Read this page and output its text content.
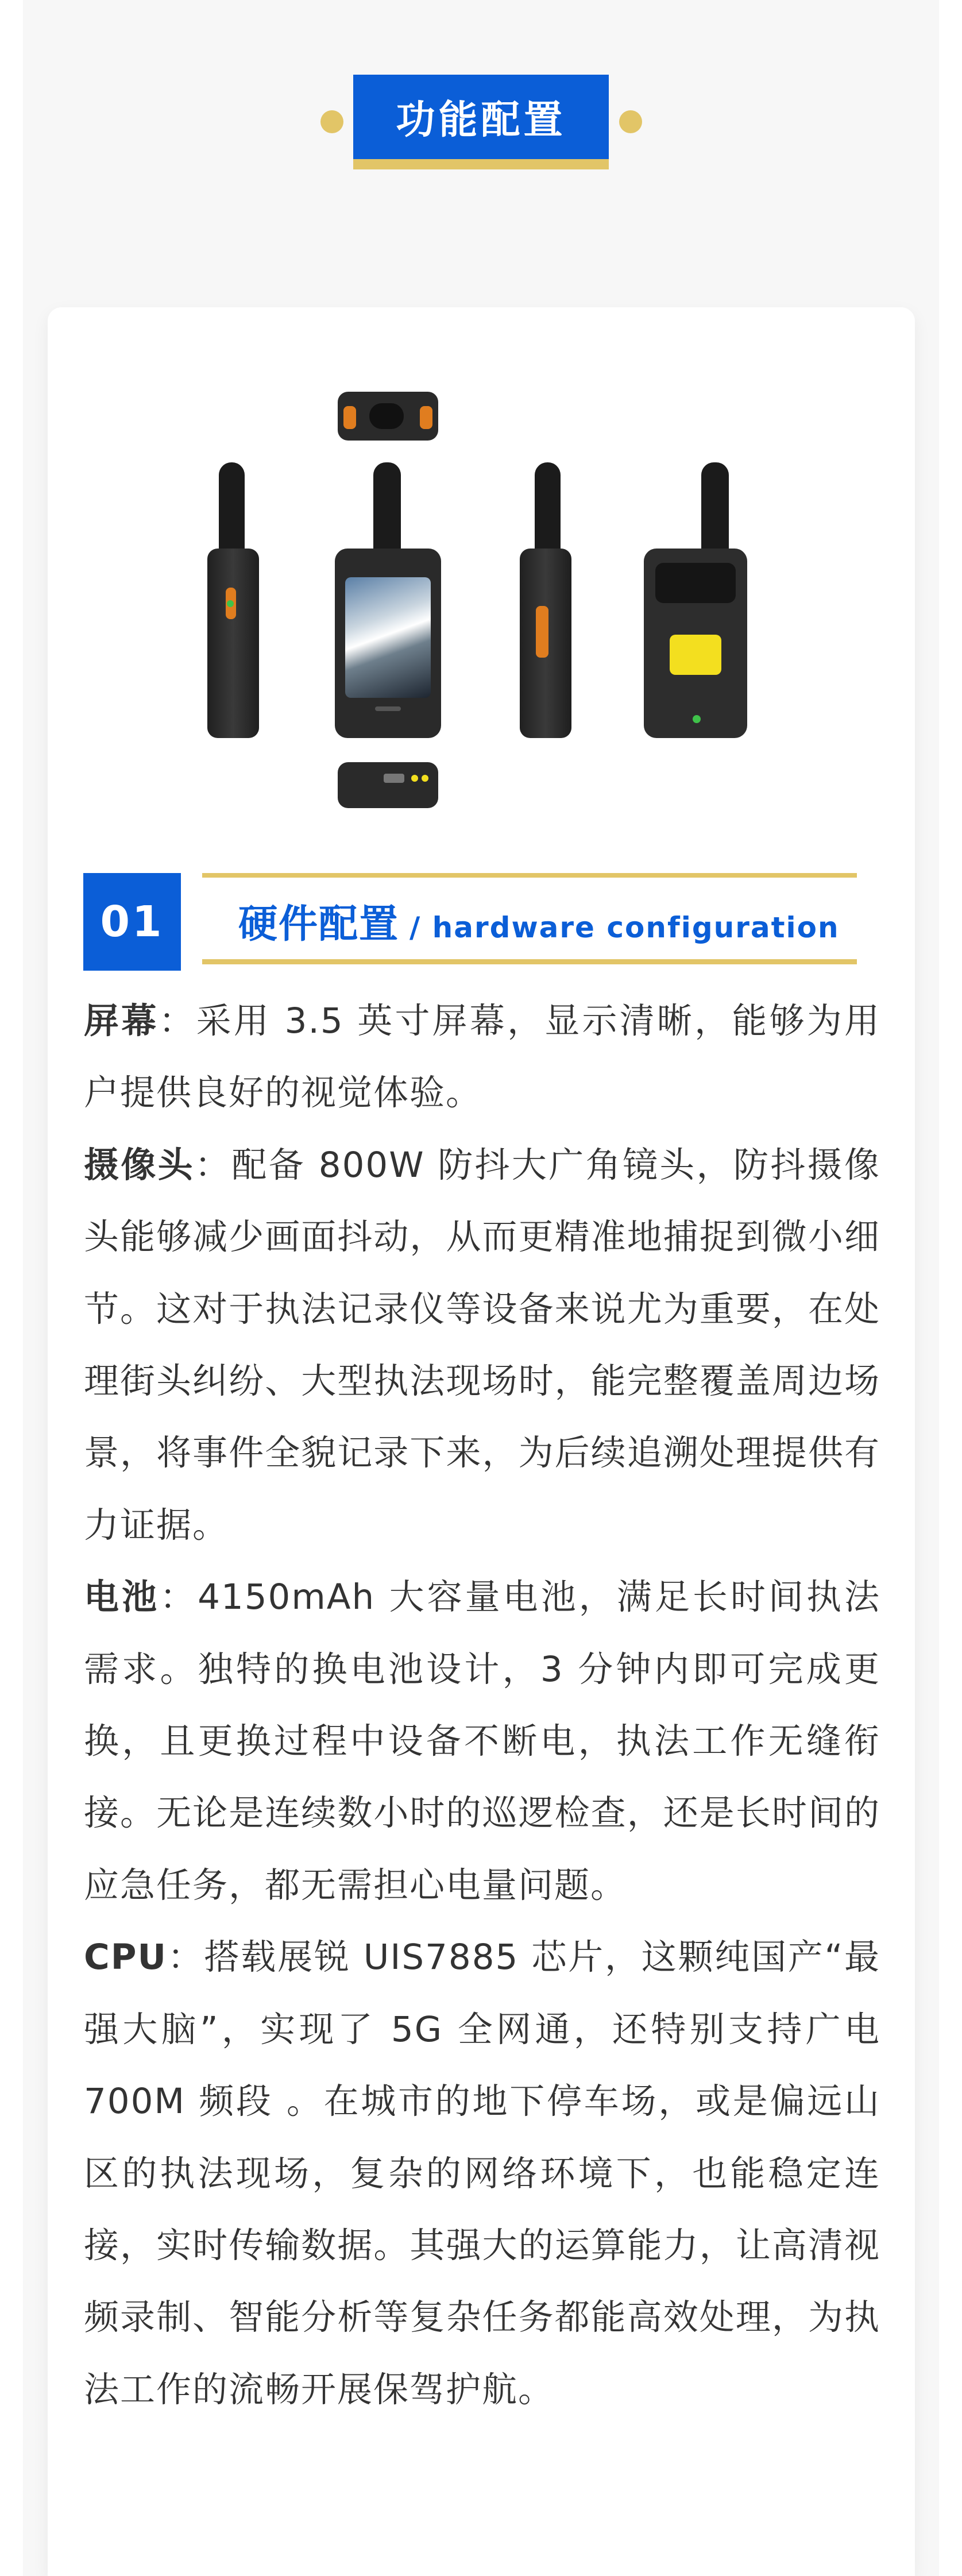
功能配置
01	硬件配置 / hardware configuration

屏幕：采用 3.5 英寸屏幕，显示清晰，能够为用户提供良好的视觉体验。

摄像头：配备 800W 防抖大广角镜头，防抖摄像头能够减少画面抖动，从而更精准地捕捉到微小细节。这对于执法记录仪等设备来说尤为重要，在处理街头纠纷、大型执法现场时，能完整覆盖周边场景，将事件全貌记录下来，为后续追溯处理提供有力证据。

电池：4150mAh 大容量电池，满足长时间执法需求。独特的换电池设计，3 分钟内即可完成更换，且更换过程中设备不断电，执法工作无缝衔接。无论是连续数小时的巡逻检查，还是长时间的应急任务，都无需担心电量问题。

CPU：搭载展锐 UIS7885 芯片，这颗纯国产“最强大脑”，实现了 5G 全网通，还特别支持广电 700M 频段 。在城市的地下停车场，或是偏远山区的执法现场，复杂的网络环境下，也能稳定连接，实时传输数据。其强大的运算能力，让高清视频录制、智能分析等复杂任务都能高效处理，为执法工作的流畅开展保驾护航。
